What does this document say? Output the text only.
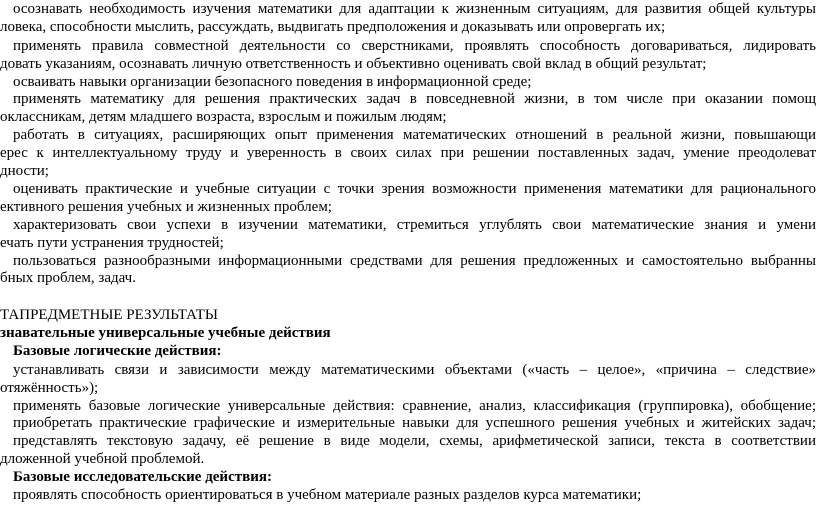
осознавать необходимость изучения математики для адаптации к жизненным ситуациям, для развития общей культуры
ловека, способности мыслить, рассуждать, выдвигать предположения и доказывать или опровергать их;
применять правила совместной деятельности со сверстниками, проявлять способность договариваться, лидировать
довать указаниям, осознавать личную ответственность и объективно оценивать свой вклад в общий результат;
осваивать навыки организации безопасного поведения в информационной среде;
применять математику для решения практических задач в повседневной жизни, в том числе при оказании помощ
оклассникам, детям младшего возраста, взрослым и пожилым людям;
работать в ситуациях, расширяющих опыт применения математических отношений в реальной жизни, повышающи
ерес к интеллектуальному труду и уверенность в своих силах при решении поставленных задач, умение преодолеват
дности;
оценивать практические и учебные ситуации с точки зрения возможности применения математики для рационального
ективного решения учебных и жизненных проблем;
характеризовать свои успехи в изучении математики, стремиться углублять свои математические знания и умени
ечать пути устранения трудностей;
пользоваться разнообразными информационными средствами для решения предложенных и самостоятельно выбранны
бных проблем, задач.
ТАПРЕДМЕТНЫЕ РЕЗУЛЬТАТЫ
знавательные универсальные учебные действия
Базовые логические действия:
устанавливать связи и зависимости между математическими объектами («часть – целое», «причина – следствие»
отяжённость»);
применять базовые логические универсальные действия: сравнение, анализ, классификация (группировка), обобщение;
приобретать практические графические и измерительные навыки для успешного решения учебных и житейских задач;
представлять текстовую задачу, её решение в виде модели, схемы, арифметической записи, текста в соответствии
дложенной учебной проблемой.
Базовые исследовательские действия:
проявлять способность ориентироваться в учебном материале разных разделов курса математики;
